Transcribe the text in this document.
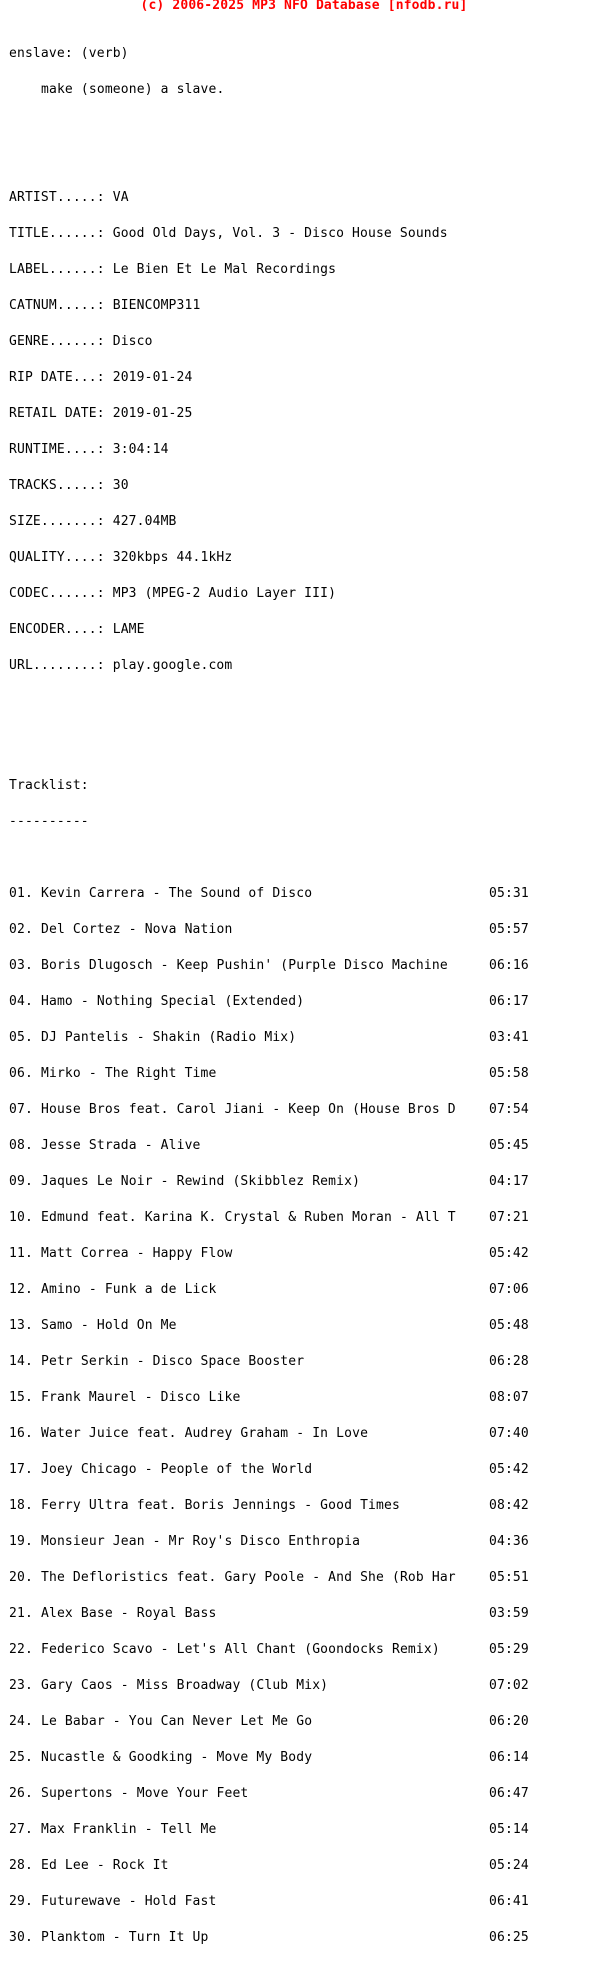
(c) 2006-2025 MP3 NFO Database [nfodb.ru]

enslave: (verb)

make (someone) a slave.

ARTIST.....: VA

TITLE......: Good Old Days, Vol. 3 - Disco House Sounds

LABEL......: Le Bien Et Le Mal Recordings

CATNUM.....: BIENCOMP311

GENRE......: Disco

RIP DATE...: 2019-01-24

RETAIL DATE: 2019-01-25

RUNTIME....: 3:04:14

TRACKS.....: 30

SIZE.......: 427.04MB

QUALITY....: 320kbps 44.1kHz

CODEC......: MP3 (MPEG-2 Audio Layer III)

ENCODER....: LAME

URL........: play.google.com

Tracklist:

----------

01. Kevin Carrera - The Sound of Disco	05:31

02. Del Cortez - Nova Nation	05:57

03. Boris Dlugosch - Keep Pushin' (Purple Disco Machine	06:16

04. Hamo - Nothing Special (Extended)	06:17

05. DJ Pantelis - Shakin (Radio Mix)	03:41

06. Mirko - The Right Time	05:58

07. House Bros feat. Carol Jiani - Keep On (House Bros D	07:54

08. Jesse Strada - Alive	05:45

09. Jaques Le Noir - Rewind (Skibblez Remix)	04:17

10. Edmund feat. Karina K. Crystal & Ruben Moran - All T	07:21

11. Matt Correa - Happy Flow	05:42

12. Amino - Funk a de Lick	07:06

13. Samo - Hold On Me	05:48

14. Petr Serkin - Disco Space Booster	06:28

15. Frank Maurel - Disco Like	08:07

16. Water Juice feat. Audrey Graham - In Love	07:40

17. Joey Chicago - People of the World	05:42

18. Ferry Ultra feat. Boris Jennings - Good Times	08:42

19. Monsieur Jean - Mr Roy's Disco Enthropia	04:36

20. The Defloristics feat. Gary Poole - And She (Rob Har	05:51

21. Alex Base - Royal Bass	03:59

22. Federico Scavo - Let's All Chant (Goondocks Remix)	05:29

23. Gary Caos - Miss Broadway (Club Mix)	07:02

24. Le Babar - You Can Never Let Me Go	06:20

25. Nucastle & Goodking - Move My Body	06:14

26. Supertons - Move Your Feet	06:47

27. Max Franklin - Tell Me	05:14

28. Ed Lee - Rock It	05:24

29. Futurewave - Hold Fast	06:41

30. Planktom - Turn It Up	06:25
